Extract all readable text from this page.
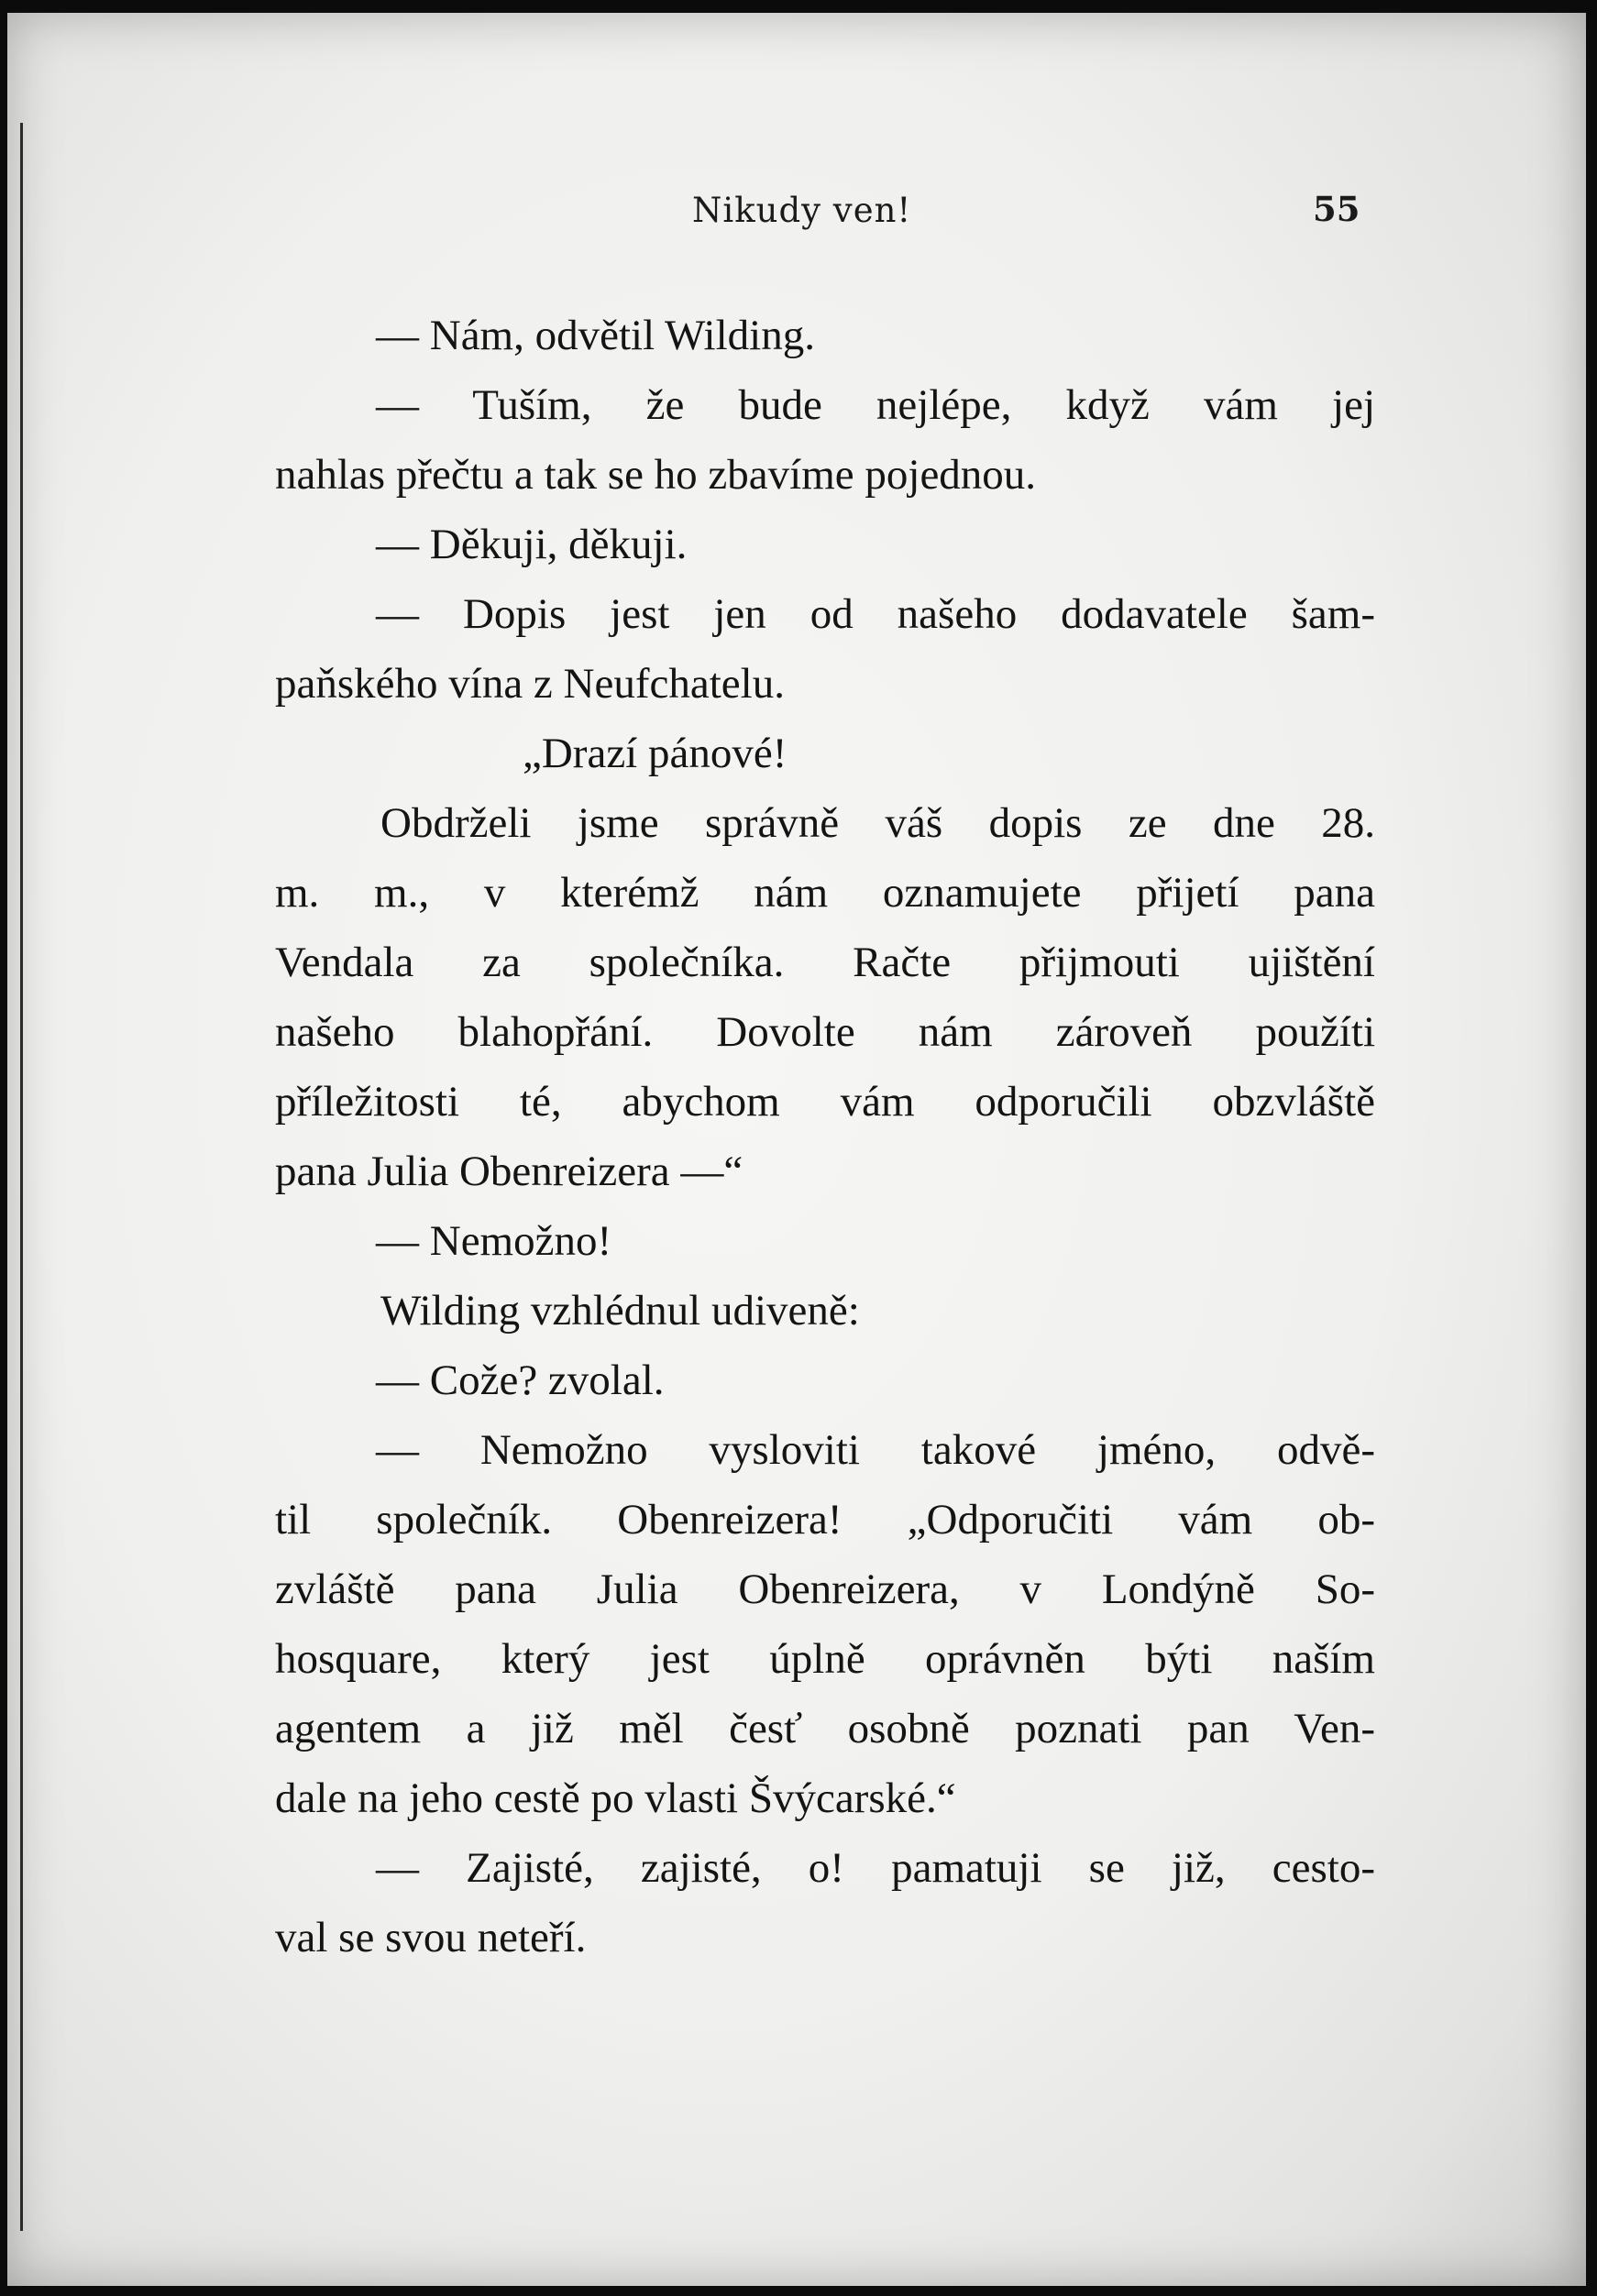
Nikudy ven!	55
— Nám, odvětil Wilding.
— Tuším, že bude nejlépe, když vám jej
nahlas přečtu a tak se ho zbavíme pojednou.
— Děkuji, děkuji.
— Dopis jest jen od našeho dodavatele šam-
paňského vína z Neufchatelu.
„Drazí pánové!
Obdrželi jsme správně váš dopis ze dne 28.
m. m., v kterémž nám oznamujete přijetí pana
Vendala za společníka. Račte přijmouti ujištění
našeho blahopřání. Dovolte nám zároveň použíti
příležitosti té, abychom vám odporučili obzvláště
pana Julia Obenreizera —“
— Nemožno!
Wilding vzhlédnul udiveně:
— Cože? zvolal.
— Nemožno vysloviti takové jméno, odvě-
til společník. Obenreizera! „Odporučiti vám ob-
zvláště pana Julia Obenreizera, v Londýně So-
hosquare, který jest úplně oprávněn býti naším
agentem a již měl česť osobně poznati pan Ven-
dale na jeho cestě po vlasti Švýcarské.“
— Zajisté, zajisté, o! pamatuji se již, cesto-
val se svou neteří.
